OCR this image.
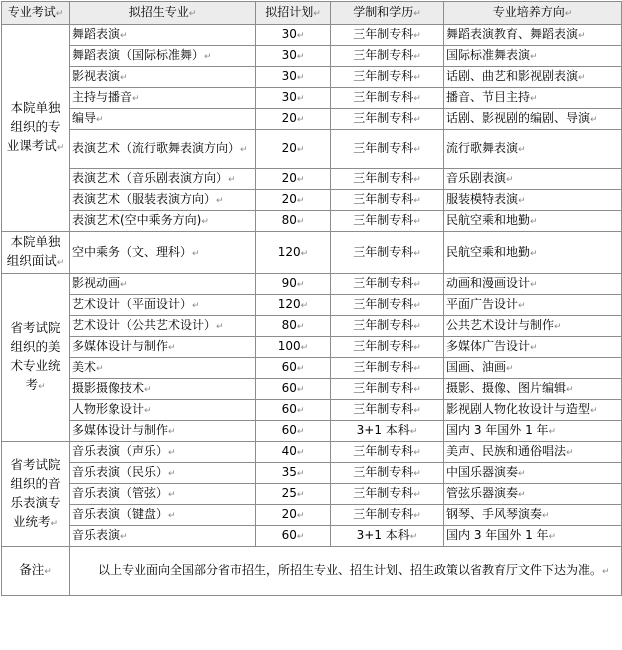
专业考试↵	拟招生专业↵	拟招计划↵	学制和学历↵	专业培养方向↵
本院单独组织的专业课考试↵	舞蹈表演↵	30↵	三年制专科↵	舞蹈表演教育、舞蹈表演↵
	舞蹈表演（国际标准舞）↵	30↵	三年制专科↵	国际标准舞表演↵
	影视表演↵	30↵	三年制专科↵	话剧、曲艺和影视剧表演↵
	主持与播音↵	30↵	三年制专科↵	播音、节目主持↵
	编导↵	20↵	三年制专科↵	话剧、影视剧的编剧、导演↵
	表演艺术（流行歌舞表演方向）↵	20↵	三年制专科↵	流行歌舞表演↵
	表演艺术（音乐剧表演方向）↵	20↵	三年制专科↵	音乐剧表演↵
	表演艺术（服装表演方向）↵	20↵	三年制专科↵	服装模特表演↵
	表演艺术(空中乘务方向)↵	80↵	三年制专科↵	民航空乘和地勤↵
本院单独组织面试↵	空中乘务（文、理科）↵	120↵	三年制专科↵	民航空乘和地勤↵
省考试院组织的美术专业统考↵	影视动画↵	90↵	三年制专科↵	动画和漫画设计↵
	艺术设计（平面设计）↵	120↵	三年制专科↵	平面广告设计↵
	艺术设计（公共艺术设计）↵	80↵	三年制专科↵	公共艺术设计与制作↵
	多媒体设计与制作↵	100↵	三年制专科↵	多媒体广告设计↵
	美术↵	60↵	三年制专科↵	国画、油画↵
	摄影摄像技术↵	60↵	三年制专科↵	摄影、摄像、图片编辑↵
	人物形象设计↵	60↵	三年制专科↵	影视剧人物化妆设计与造型↵
	多媒体设计与制作↵	60↵	3+1 本科↵	国内 3 年国外 1 年↵
省考试院组织的音乐表演专业统考↵	音乐表演（声乐）↵	40↵	三年制专科↵	美声、民族和通俗唱法↵
	音乐表演（民乐）↵	35↵	三年制专科↵	中国乐器演奏↵
	音乐表演（管弦）↵	25↵	三年制专科↵	管弦乐器演奏↵
	音乐表演（键盘）↵	20↵	三年制专科↵	钢琴、手风琴演奏↵
	音乐表演↵	60↵	3+1 本科↵	国内 3 年国外 1 年↵
备注↵	以上专业面向全国部分省市招生，所招生专业、招生计划、招生政策以省教育厅文件下达为准。↵			
